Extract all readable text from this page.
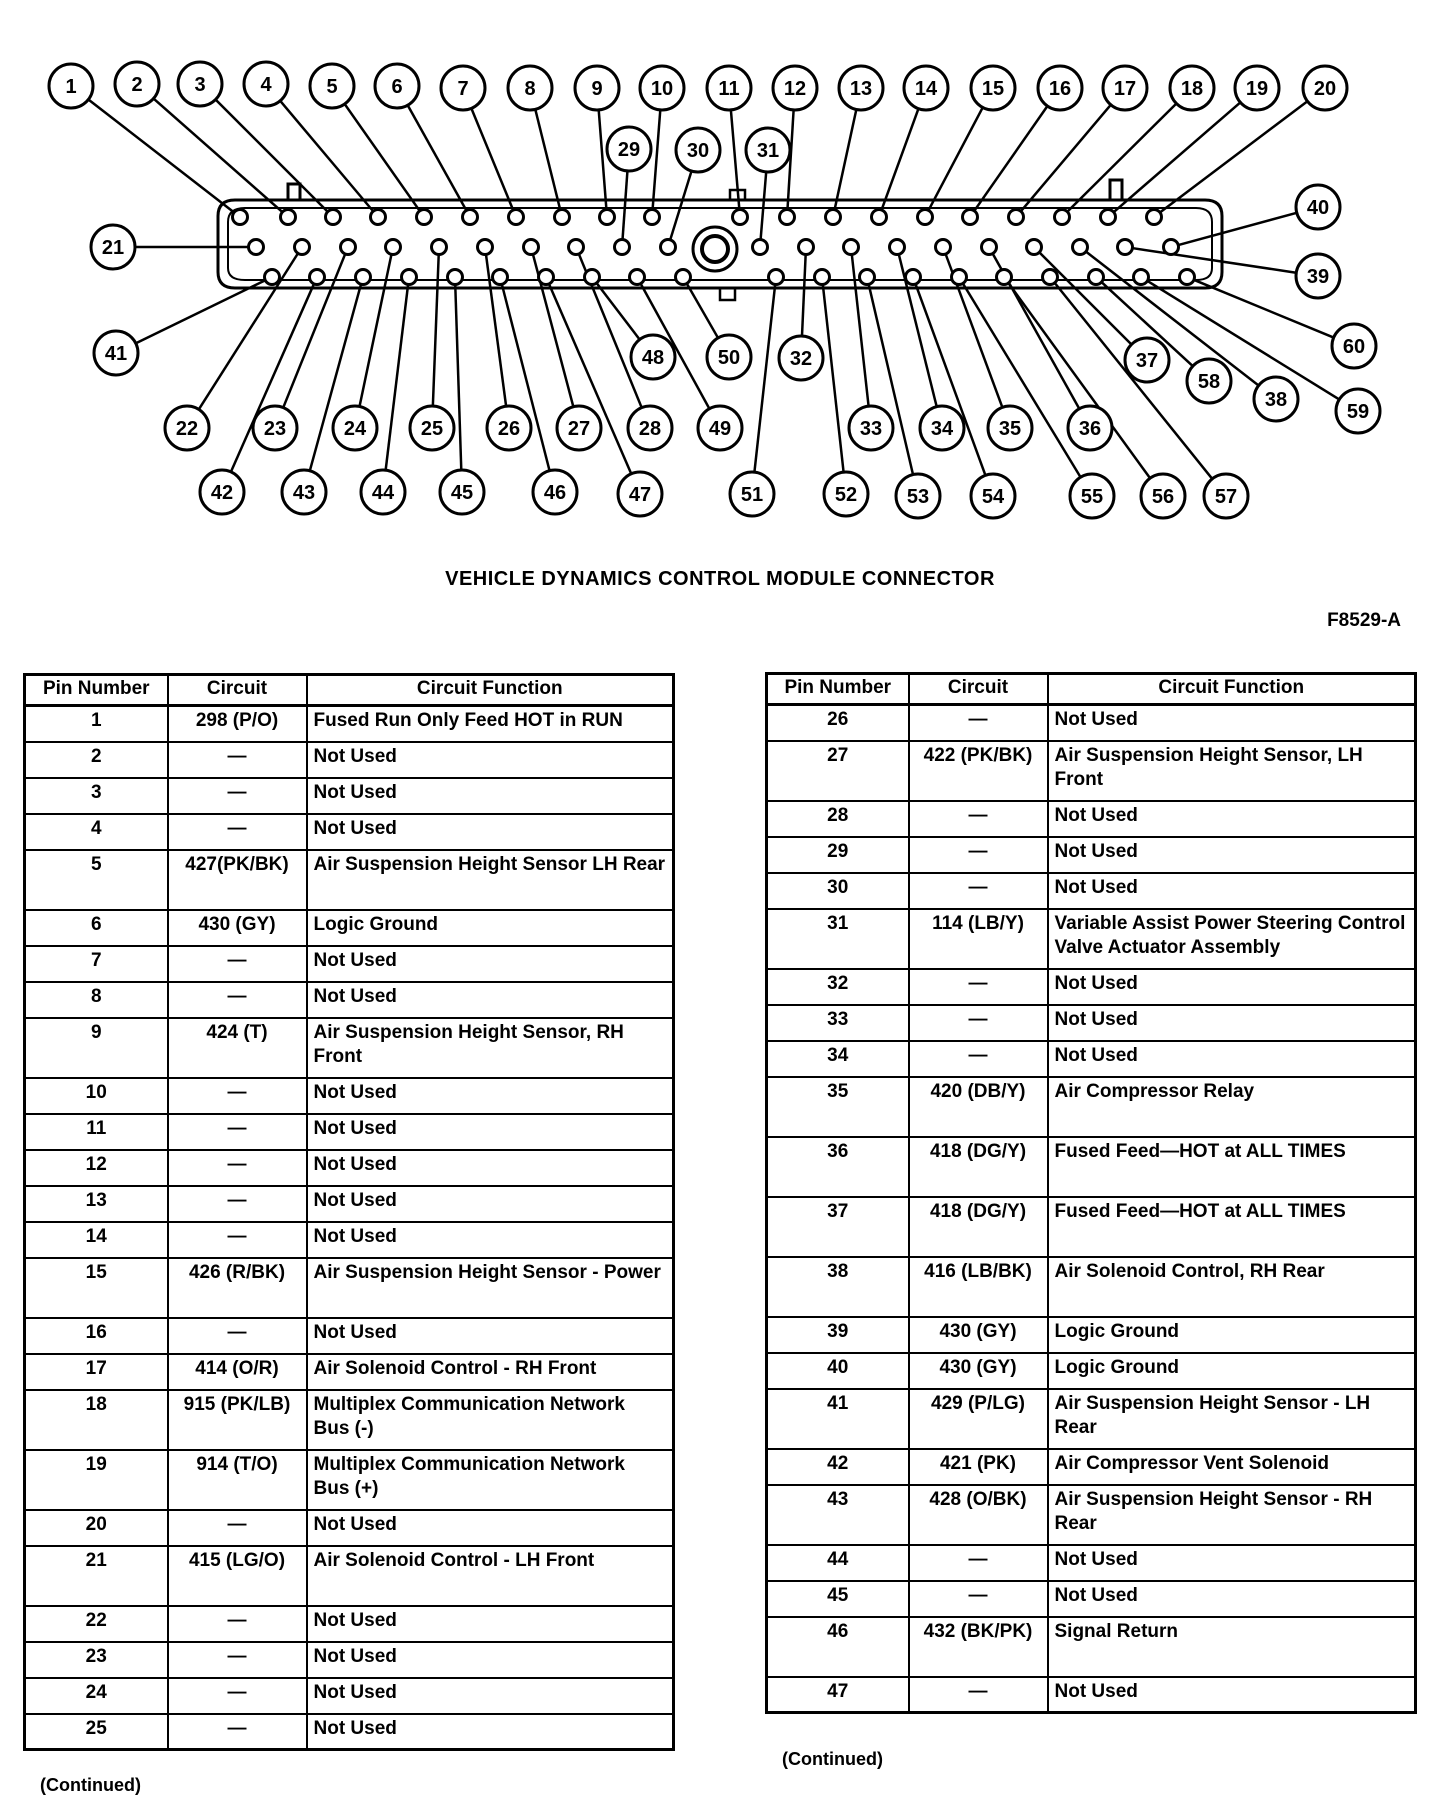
1	2	3	4	5	6	7	8	9 10 11 12 13 14 15 16 17 18 19 20
21
22	23	24	25	26 27 28
29 30 31
32
33 34 35	36
37
38
39
40
41
42	43	44	45	46	47
48
49
50
51	52 53	54	55 56 57
58
59
60
VEHICLE DYNAMICS CONTROL MODULE CONNECTOR
F8529-A
Pin Number	Circuit	Circuit Function
1	298 (P/O)	Fused Run Only Feed HOT in RUN
2	—	Not Used
3	—	Not Used
4	—	Not Used
5	427(PK/BK)	Air Suspension Height Sensor LH Rear
6	430 (GY)	Logic Ground
7	—	Not Used
8	—	Not Used
9	424 (T)	Air Suspension Height Sensor, RH Front
10	—	Not Used
11	—	Not Used
12	—	Not Used
13	—	Not Used
14	—	Not Used
15	426 (R/BK)	Air Suspension Height Sensor - Power
16	—	Not Used
17	414 (O/R)	Air Solenoid Control - RH Front
18	915 (PK/LB)	Multiplex Communication Network Bus (-)
19	914 (T/O)	Multiplex Communication Network Bus (+)
20	—	Not Used
21	415 (LG/O)	Air Solenoid Control - LH Front
22	—	Not Used
23	—	Not Used
24	—	Not Used
25	—	Not Used
(Continued)
Pin Number	Circuit	Circuit Function
26	—	Not Used
27	422 (PK/BK)	Air Suspension Height Sensor, LH Front
28	—	Not Used
29	—	Not Used
30	—	Not Used
31	114 (LB/Y)	Variable Assist Power Steering Control Valve Actuator Assembly
32	—	Not Used
33	—	Not Used
34	—	Not Used
35	420 (DB/Y)	Air Compressor Relay
36	418 (DG/Y)	Fused Feed—HOT at ALL TIMES
37	418 (DG/Y)	Fused Feed—HOT at ALL TIMES
38	416 (LB/BK)	Air Solenoid Control, RH Rear
39	430 (GY)	Logic Ground
40	430 (GY)	Logic Ground
41	429 (P/LG)	Air Suspension Height Sensor - LH Rear
42	421 (PK)	Air Compressor Vent Solenoid
43	428 (O/BK)	Air Suspension Height Sensor - RH Rear
44	—	Not Used
45	—	Not Used
46	432 (BK/PK)	Signal Return
47	—	Not Used
(Continued)
